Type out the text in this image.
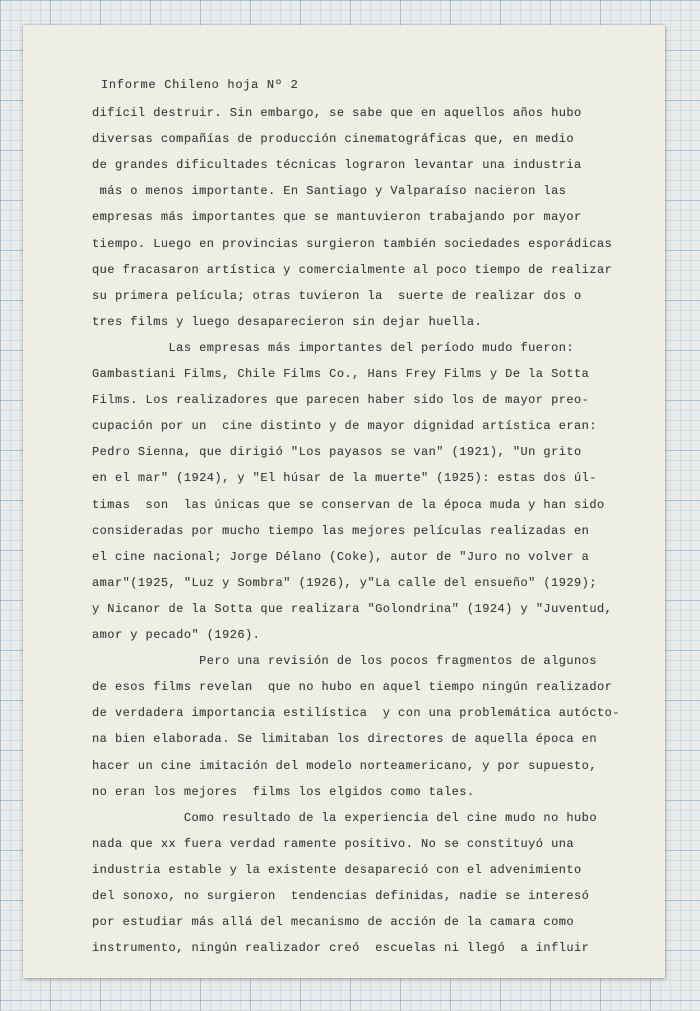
Informe Chileno hoja Nº 2
difícil destruir. Sin embargo, se sabe que en aquellos años hubo
diversas compañías de producción cinematográficas que, en medio
de grandes dificultades técnicas lograron levantar una industria
más o menos importante. En Santiago y Valparaíso nacieron las
empresas más importantes que se mantuvieron trabajando por mayor
tiempo. Luego en provincias surgieron también sociedades esporádicas
que fracasaron artística y comercialmente al poco tiempo de realizar
su primera película; otras tuvieron la  suerte de realizar dos o
tres films y luego desaparecieron sin dejar huella.
Las empresas más importantes del período mudo fueron:
Gambastiani Films, Chile Films Co., Hans Frey Films y De la Sotta
Films. Los realizadores que parecen haber sido los de mayor preo-
cupación por un  cine distinto y de mayor dignidad artística eran:
Pedro Sienna, que dirigió "Los payasos se van" (1921), "Un grito
en el mar" (1924), y "El húsar de la muerte" (1925): estas dos úl-
timas  son  las únicas que se conservan de la época muda y han sido
consideradas por mucho tiempo las mejores películas realizadas en
el cine nacional; Jorge Délano (Coke), autor de "Juro no volver a
amar"(1925, "Luz y Sombra" (1926), y"La calle del ensueño" (1929);
y Nicanor de la Sotta que realizara "Golondrina" (1924) y "Juventud,
amor y pecado" (1926).
Pero una revisión de los pocos fragmentos de algunos
de esos films revelan  que no hubo en aquel tiempo ningún realizador
de verdadera importancia estilística  y con una problemática autócto-
na bien elaborada. Se limitaban los directores de aquella época en
hacer un cine imitación del modelo norteamericano, y por supuesto,
no eran los mejores  films los elgidos como tales.
Como resultado de la experiencia del cine mudo no hubo
nada que xx fuera verdad ramente positivo. No se constituyó una
industria estable y la existente desapareció con el advenimiento
del sonoxo, no surgieron  tendencias definidas, nadie se interesó
por estudiar más allá del mecanismo de acción de la camara como
instrumento, ningún realizador creó  escuelas ni llegó  a influir
